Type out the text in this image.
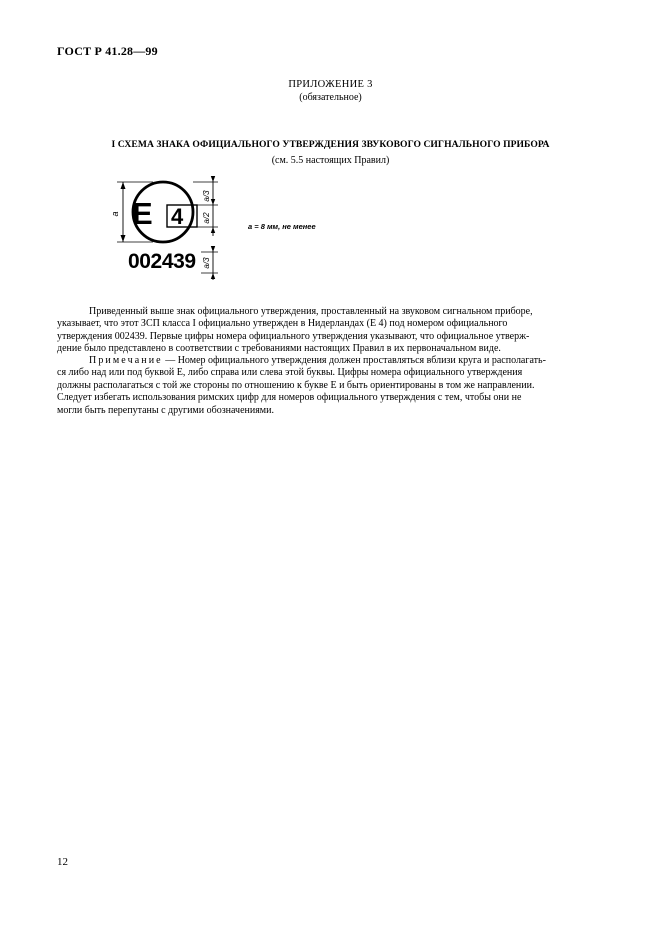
ГОСТ Р 41.28—99
ПРИЛОЖЕНИЕ 3
(обязательное)
I СХЕМА ЗНАКА ОФИЦИАЛЬНОГО УТВЕРЖДЕНИЯ ЗВУКОВОГО СИГНАЛЬНОГО ПРИБОРА
(см. 5.5 настоящих Правил)
a E 4
a/3
a/2
a = 8 мм, не менее
002439 a/3
Приведенный выше знак официального утверждения, проставленный на звуковом сигнальном приборе,
указывает, что этот ЗСП класса I официально утвержден в Нидерландах (Е 4) под номером официального
утверждения 002439. Первые цифры номера официального утверждения указывают, что официальное утверж-
дение было представлено в соответствии с требованиями настоящих Правил в их первоначальном виде.
Примечание — Номер официального утверждения должен проставляться вблизи круга и располагать-
ся либо над или под буквой Е, либо справа или слева этой буквы. Цифры номера официального утверждения
должны располагаться с той же стороны по отношению к букве Е и быть ориентированы в том же направлении.
Следует избегать использования римских цифр для номеров официального утверждения с тем, чтобы они не
могли быть перепутаны с другими обозначениями.
12
